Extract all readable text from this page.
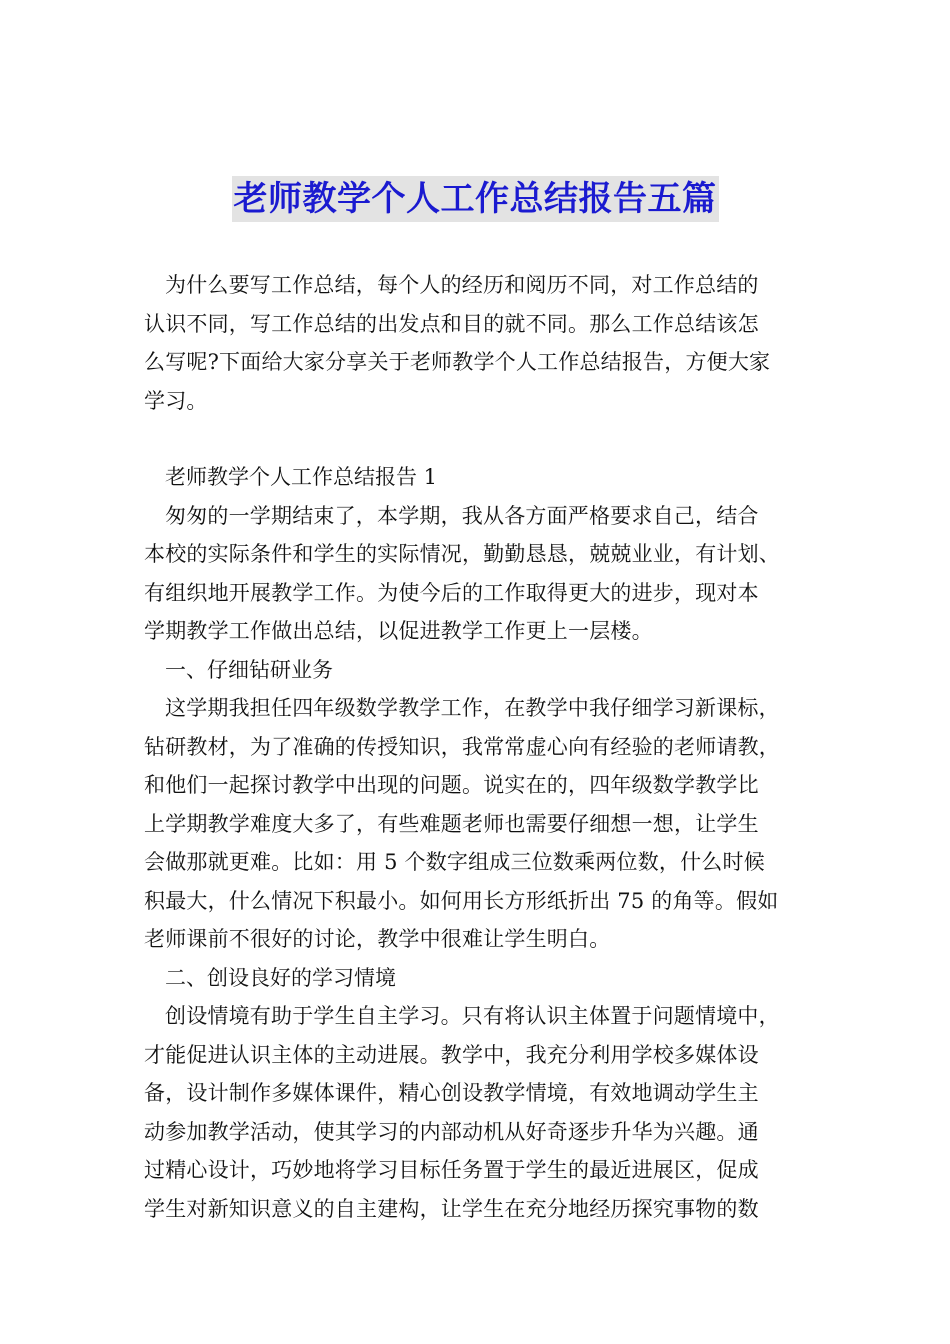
老师教学个人工作总结报告五篇

为什么要写工作总结，每个人的经历和阅历不同，对工作总结的
认识不同，写工作总结的出发点和目的就不同。那么工作总结该怎
么写呢?下面给大家分享关于老师教学个人工作总结报告，方便大家
学习。

老师教学个人工作总结报告 1

匆匆的一学期结束了，本学期，我从各方面严格要求自己，结合
本校的实际条件和学生的实际情况，勤勤恳恳，兢兢业业，有计划、
有组织地开展教学工作。为使今后的工作取得更大的进步，现对本
学期教学工作做出总结，以促进教学工作更上一层楼。

一、仔细钻研业务

这学期我担任四年级数学教学工作，在教学中我仔细学习新课标，
钻研教材，为了准确的传授知识，我常常虚心向有经验的老师请教，
和他们一起探讨教学中出现的问题。说实在的，四年级数学教学比
上学期教学难度大多了，有些难题老师也需要仔细想一想，让学生
会做那就更难。比如：用 5 个数字组成三位数乘两位数，什么时候
积最大，什么情况下积最小。如何用长方形纸折出 75 的角等。假如
老师课前不很好的讨论，教学中很难让学生明白。

二、创设良好的学习情境

创设情境有助于学生自主学习。只有将认识主体置于问题情境中，
才能促进认识主体的主动进展。教学中，我充分利用学校多媒体设
备，设计制作多媒体课件，精心创设教学情境，有效地调动学生主
动参加教学活动，使其学习的内部动机从好奇逐步升华为兴趣。通
过精心设计，巧妙地将学习目标任务置于学生的最近进展区，促成
学生对新知识意义的自主建构，让学生在充分地经历探究事物的数
